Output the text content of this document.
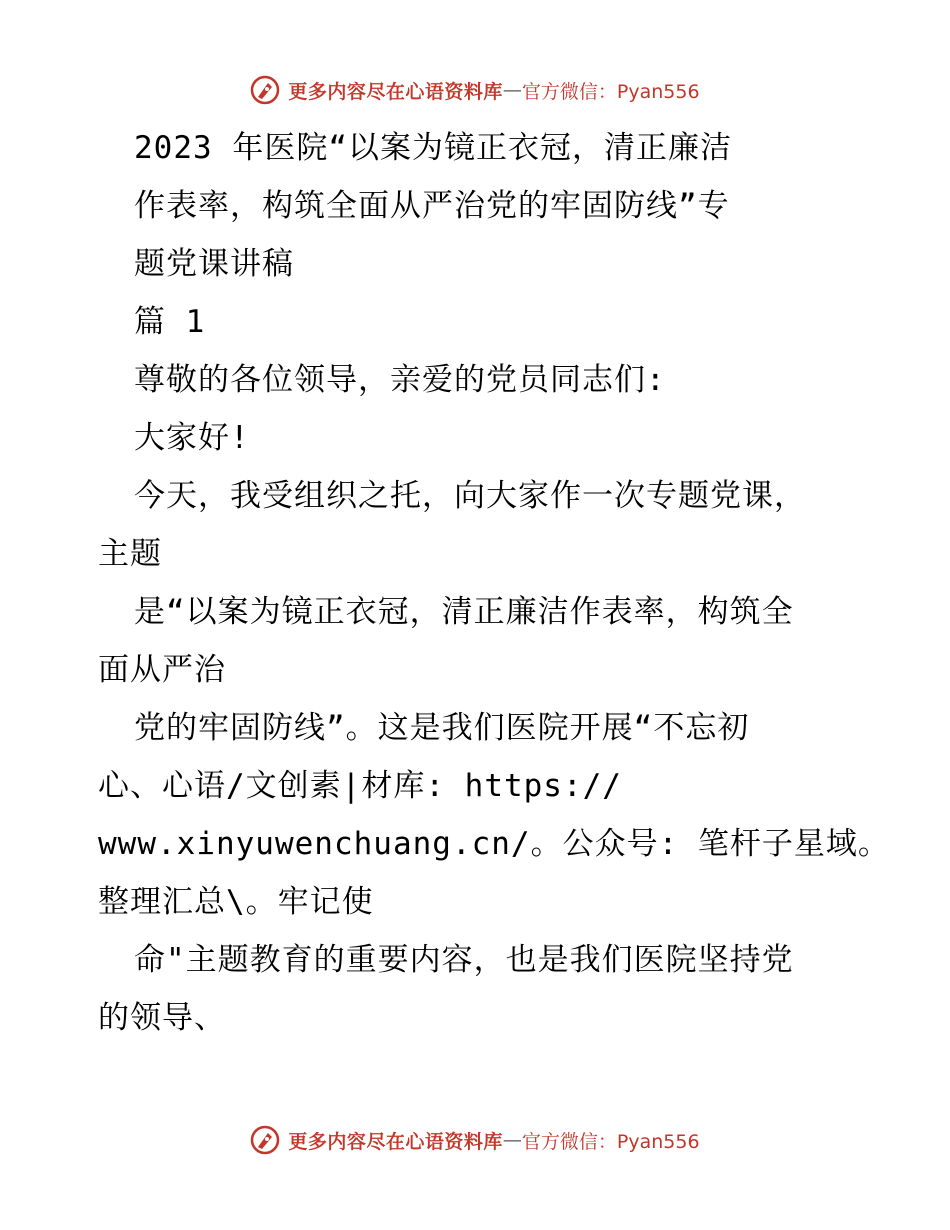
更多内容尽在心语资料库 — 官方微信：Pyan556
2023 年医院“以案为镜正衣冠，清正廉洁
作表率，构筑全面从严治党的牢固防线”专
题党课讲稿
篇 1
尊敬的各位领导，亲爱的党员同志们:
大家好!
今天，我受组织之托，向大家作一次专题党课，
主题
是“以案为镜正衣冠，清正廉洁作表率，构筑全
面从严治
党的牢固防线”。这是我们医院开展“不忘初
心、心语/文创素|材库: https://
www.xinyuwenchuang.cn/。公众号: 笔杆子星域。
整理汇总\。牢记使
命"主题教育的重要内容，也是我们医院坚持党
的领导、
更多内容尽在心语资料库 — 官方微信：Pyan556
